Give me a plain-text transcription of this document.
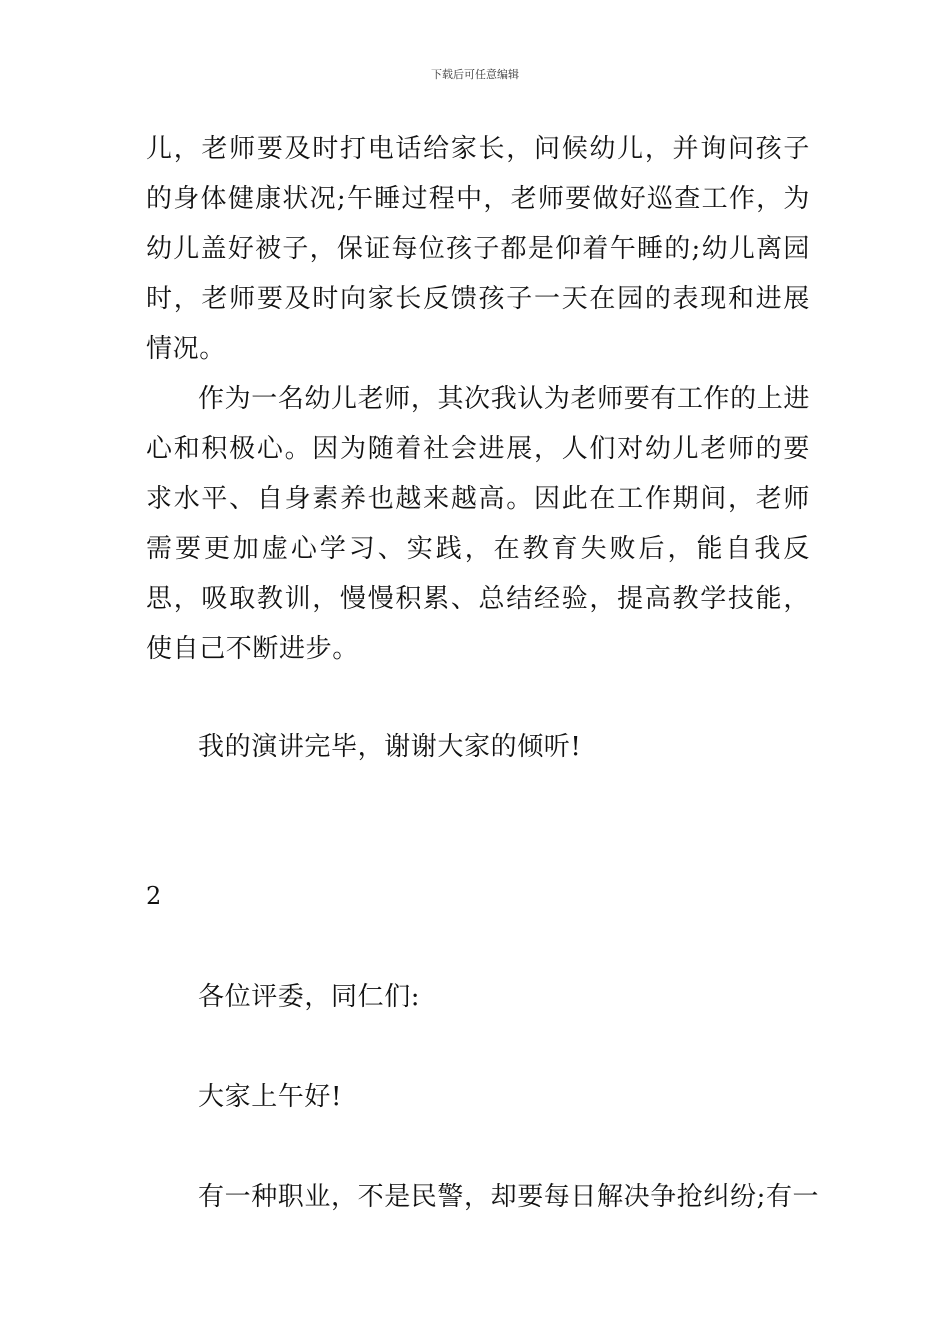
下载后可任意编辑
儿，老师要及时打电话给家长，问候幼儿，并询问孩子的身体健康状况;午睡过程中，老师要做好巡查工作，为幼儿盖好被子，保证每位孩子都是仰着午睡的;幼儿离园时，老师要及时向家长反馈孩子一天在园的表现和进展情况。
作为一名幼儿老师，其次我认为老师要有工作的上进心和积极心。因为随着社会进展，人们对幼儿老师的要求水平、自身素养也越来越高。因此在工作期间，老师需要更加虚心学习、实践，在教育失败后，能自我反思，吸取教训，慢慢积累、总结经验，提高教学技能，使自己不断进步。
我的演讲完毕，谢谢大家的倾听!
2
各位评委，同仁们:
大家上午好!
有一种职业，不是民警，却要每日解决争抢纠纷;有一
